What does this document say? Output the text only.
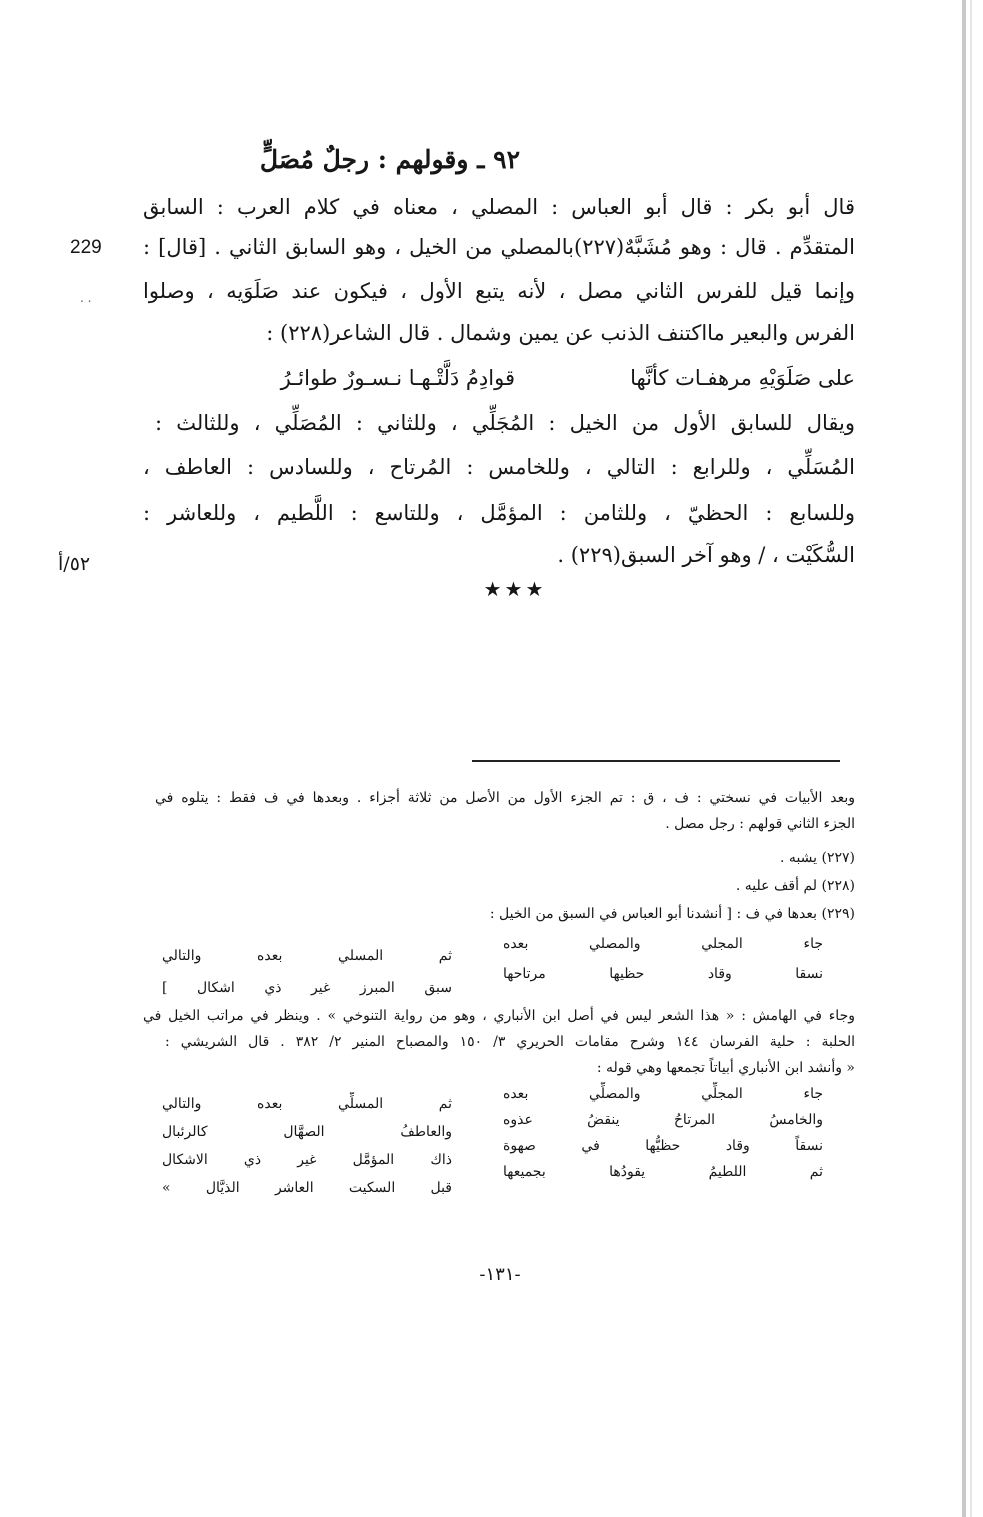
٩٢ ـ وقولهم : رجلٌ مُصَلٍّ
قال أبو بكر : قال أبو العباس : المصلي ، معناه في كلام العرب : السابق
المتقدِّم . قال : وهو مُشَبَّهٌ(٢٢٧)بالمصلي من الخيل ، وهو السابق الثاني . [قال] :
وإنما قيل للفرس الثاني مصل ، لأنه يتبع الأول ، فيكون عند صَلَوَيه ، وصلوا
الفرس والبعير مااكتنف الذنب عن يمين وشمال . قال الشاعر(٢٢٨) :
على صَلَوَيْهِ مرهفـات كأنَّها
قوادِمُ دَلَّتْـهـا نـسـورٌ طوائـرُ
ويقال للسابق الأول من الخيل : المُجَلِّي ، وللثاني : المُصَلِّي ، وللثالث :
المُسَلِّي ، وللرابع : التالي ، وللخامس : المُرتاح ، وللسادس : العاطف ،
وللسابع : الحظيّ ، وللثامن : المؤمَّل ، وللتاسع : اللَّطيم ، وللعاشر :
السُّكَيْت ، / وهو آخر السبق(٢٢٩) .
229
. .
٥٢/أ
★★★
وبعد الأبيات في نسختي : ف ، ق : تم الجزء الأول من الأصل من ثلاثة أجزاء . وبعدها في ف فقط : يتلوه في
الجزء الثاني قولهم : رجل مصل .
(٢٢٧) يشبه .
(٢٢٨) لم أقف عليه .
(٢٢٩) بعدها في ف : [ أنشدنا أبو العباس في السبق من الخيل :
جاء المجلي والمصلي بعده
ثم المسلي بعده والتالي
نسقا وقاد حظيها مرتاحها
سبق المبرز غير ذي اشكال ]
وجاء في الهامش : « هذا الشعر ليس في أصل ابن الأنباري ، وهو من رواية التنوخي » . وينظر في مراتب الخيل في
الحلبة : حلية الفرسان ١٤٤ وشرح مقامات الحريري ٣/ ١٥٠ والمصباح المنير ٢/ ٣٨٢ . قال الشريشي :
« وأنشد ابن الأنباري أبياتاً تجمعها وهي قوله :
جاء المجلِّي والمصلِّي بعده
ثم المسلِّي بعده والتالي
والخامسُ المرتاحُ ينقضُ عذوه
والعاطفُ الصهَّال كالرئبال
نسقاً وقاد حظيُّها في صهوة
ذاك المؤمَّل غير ذي الاشكال
ثم اللطيمُ يقودُها بجميعها
قبل السكيت العاشر الذيَّال »
-١٣١-
